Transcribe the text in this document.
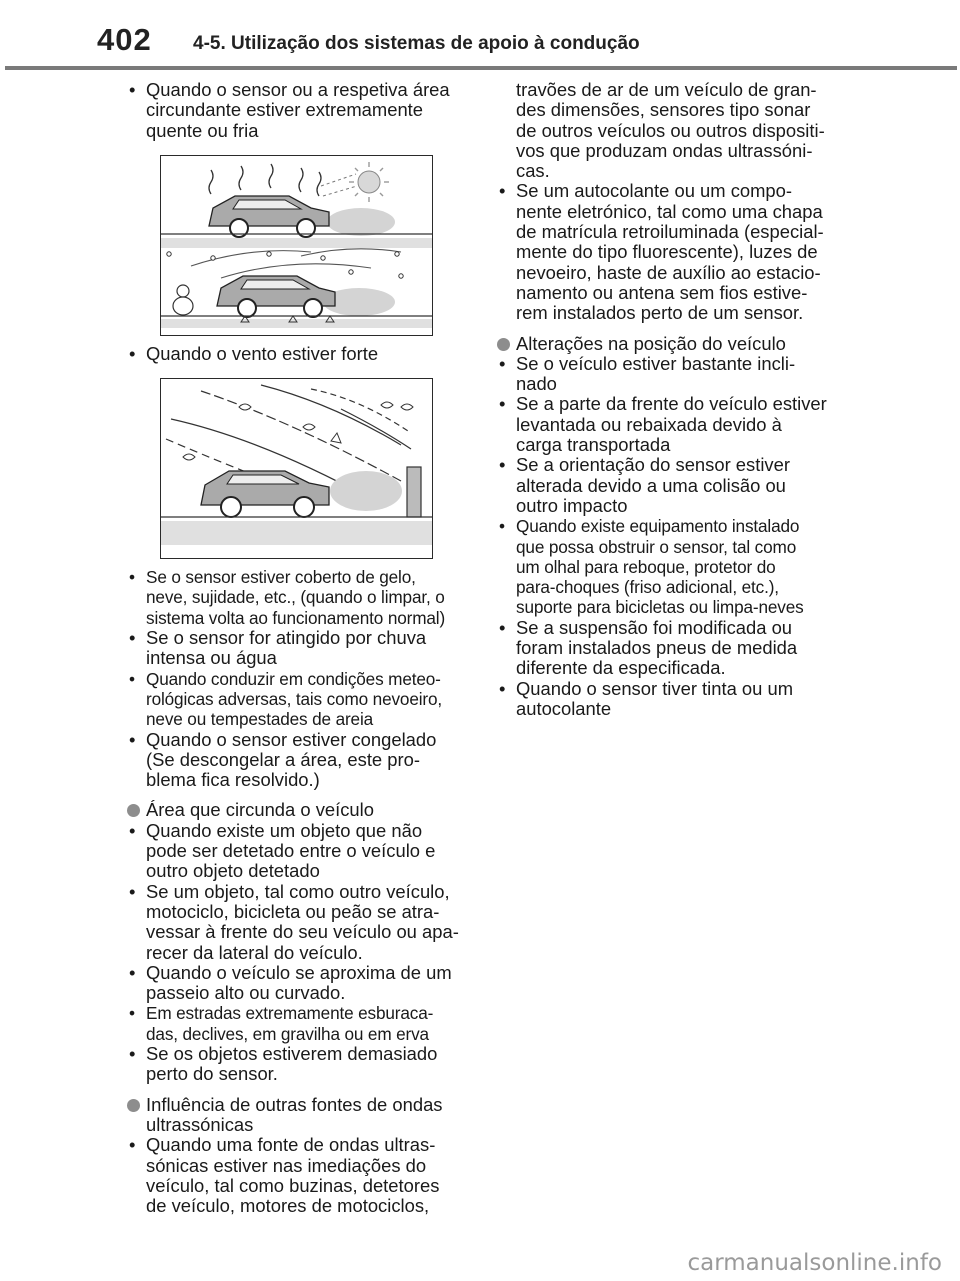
402 4-5. Utilização dos sistemas de apoio à condução
• Quando o sensor ou a respetiva área
circundante estiver extremamente
quente ou fria
• Quando o vento estiver forte
• Se o sensor estiver coberto de gelo,
neve, sujidade, etc., (quando o limpar, o
sistema volta ao funcionamento normal)
• Se o sensor for atingido por chuva
intensa ou água
• Quando conduzir em condições meteo-
rológicas adversas, tais como nevoeiro,
neve ou tempestades de areia
• Quando o sensor estiver congelado
(Se descongelar a área, este pro-
blema fica resolvido.)
Área que circunda o veículo
• Quando existe um objeto que não
pode ser detetado entre o veículo e
outro objeto detetado
• Se um objeto, tal como outro veículo,
motociclo, bicicleta ou peão se atra-
vessar à frente do seu veículo ou apa-
recer da lateral do veículo.
• Quando o veículo se aproxima de um
passeio alto ou curvado.
• Em estradas extremamente esburaca-
das, declives, em gravilha ou em erva
• Se os objetos estiverem demasiado
perto do sensor.
Influência de outras fontes de ondas
ultrassónicas
• Quando uma fonte de ondas ultras-
sónicas estiver nas imediações do
veículo, tal como buzinas, detetores
de veículo, motores de motociclos,
travões de ar de um veículo de gran-
des dimensões, sensores tipo sonar
de outros veículos ou outros dispositi-
vos que produzam ondas ultrassóni-
cas.
• Se um autocolante ou um compo-
nente eletrónico, tal como uma chapa
de matrícula retroiluminada (especial-
mente do tipo fluorescente), luzes de
nevoeiro, haste de auxílio ao estacio-
namento ou antena sem fios estive-
rem instalados perto de um sensor.
Alterações na posição do veículo
• Se o veículo estiver bastante incli-
nado
• Se a parte da frente do veículo estiver
levantada ou rebaixada devido à
carga transportada
• Se a orientação do sensor estiver
alterada devido a uma colisão ou
outro impacto
• Quando existe equipamento instalado
que possa obstruir o sensor, tal como
um olhal para reboque, protetor do
para-choques (friso adicional, etc.),
suporte para bicicletas ou limpa-neves
• Se a suspensão foi modificada ou
foram instalados pneus de medida
diferente da especificada.
• Quando o sensor tiver tinta ou um
autocolante
carmanualsonline.info
